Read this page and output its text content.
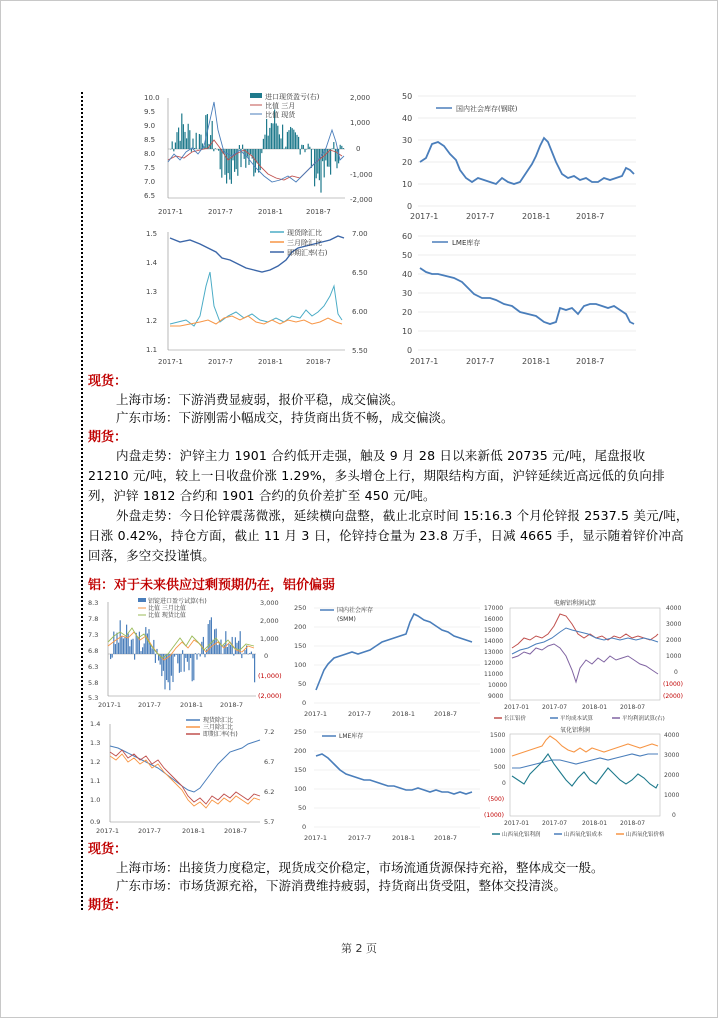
10.0
9.5
9.0
8.5
8.0
7.5
7.0
6.5
2,000
1,000
0
-1,000
-2,000
2017-1	2017-7	2018-1	2018-7
进口现货盈亏(右)
比值 三月
比值 现货
50
40
30
20
10
0
2017-1	2017-7	2018-1	2018-7
国内社会库存(钢联)
1.5
1.4
1.3
1.2
1.1
7.00
6.50
6.00
5.50
2017-1	2017-7	2018-1	2018-7
现货除汇比
三月除汇比
即期汇率(右)
60
50
40
30
20
10
0
2017-1	2017-7	2018-1	2018-7
LME库存
现货：
上海市场：下游消费显疲弱，报价平稳，成交偏淡。
广东市场：下游刚需小幅成交，持货商出货不畅，成交偏淡。
期货：
内盘走势：沪锌主力 1901 合约低开走强，触及 9 月 28 日以来新低 20735 元/吨，尾盘报收 21210 元/吨，较上一日收盘价涨 1.29%，多头增仓上行，期限结构方面，沪锌延续近高远低的负向排列，沪锌 1812 合约和 1901 合约的负价差扩至 450 元/吨。
外盘走势：今日伦锌震荡微涨，延续横向盘整，截止北京时间 15:16.3 个月伦锌报 2537.5 美元/吨，日涨 0.42%，持仓方面，截止 11 月 3 日，伦锌持仓量为 23.8 万手，日减 4665 手，显示随着锌价冲高回落，多空交投谨慎。
铝：对于未来供应过剩预期仍在，铝价偏弱
8.3
7.8
7.3
6.8
6.3
5.8
5.3
3,000
2,000
1,000
0
(1,000)
(2,000)
2017-1	2017-7	2018-1	2018-7
铝锭进口盈亏试算(右)
比值 三月比值
比值 现货比值
250
200
150
100
50
0
2017-1	2017-7	2018-1	2018-7
国内社会库存
(SMM)
电解铝利润试算
17000
16000
15000
14000
13000
12000
11000
10000
9000
4000
3000
2000
1000
0
(1000)
(2000)
2017-01 2017-07 2018-01 2018-07
长江铝价	平均成本试算	平均利润试算(右)
1.4
1.3
1.2
1.1
1.0
0.9
7.2
6.7
6.2
5.7
2017-1	2017-7	2018-1	2018-7
现货除汇比
三月除汇比
即期汇率(右)	250
200
150
100
50
0
2017-1	2017-7	2018-1	2018-7
LME库存
氧化铝利润
1500
1000
500
0
(500)
(1000)
4000
3000
2000
1000
0
2017-01 2017-07 2018-01 2018-07
山西氧化铝利润	山西氧化铝成本	山西氧化铝价格
现货：
上海市场：出接货力度稳定，现货成交价稳定，市场流通货源保持充裕，整体成交一般。
广东市场：市场货源充裕，下游消费维持疲弱，持货商出货受阻，整体交投清淡。
期货：
第 2 页
